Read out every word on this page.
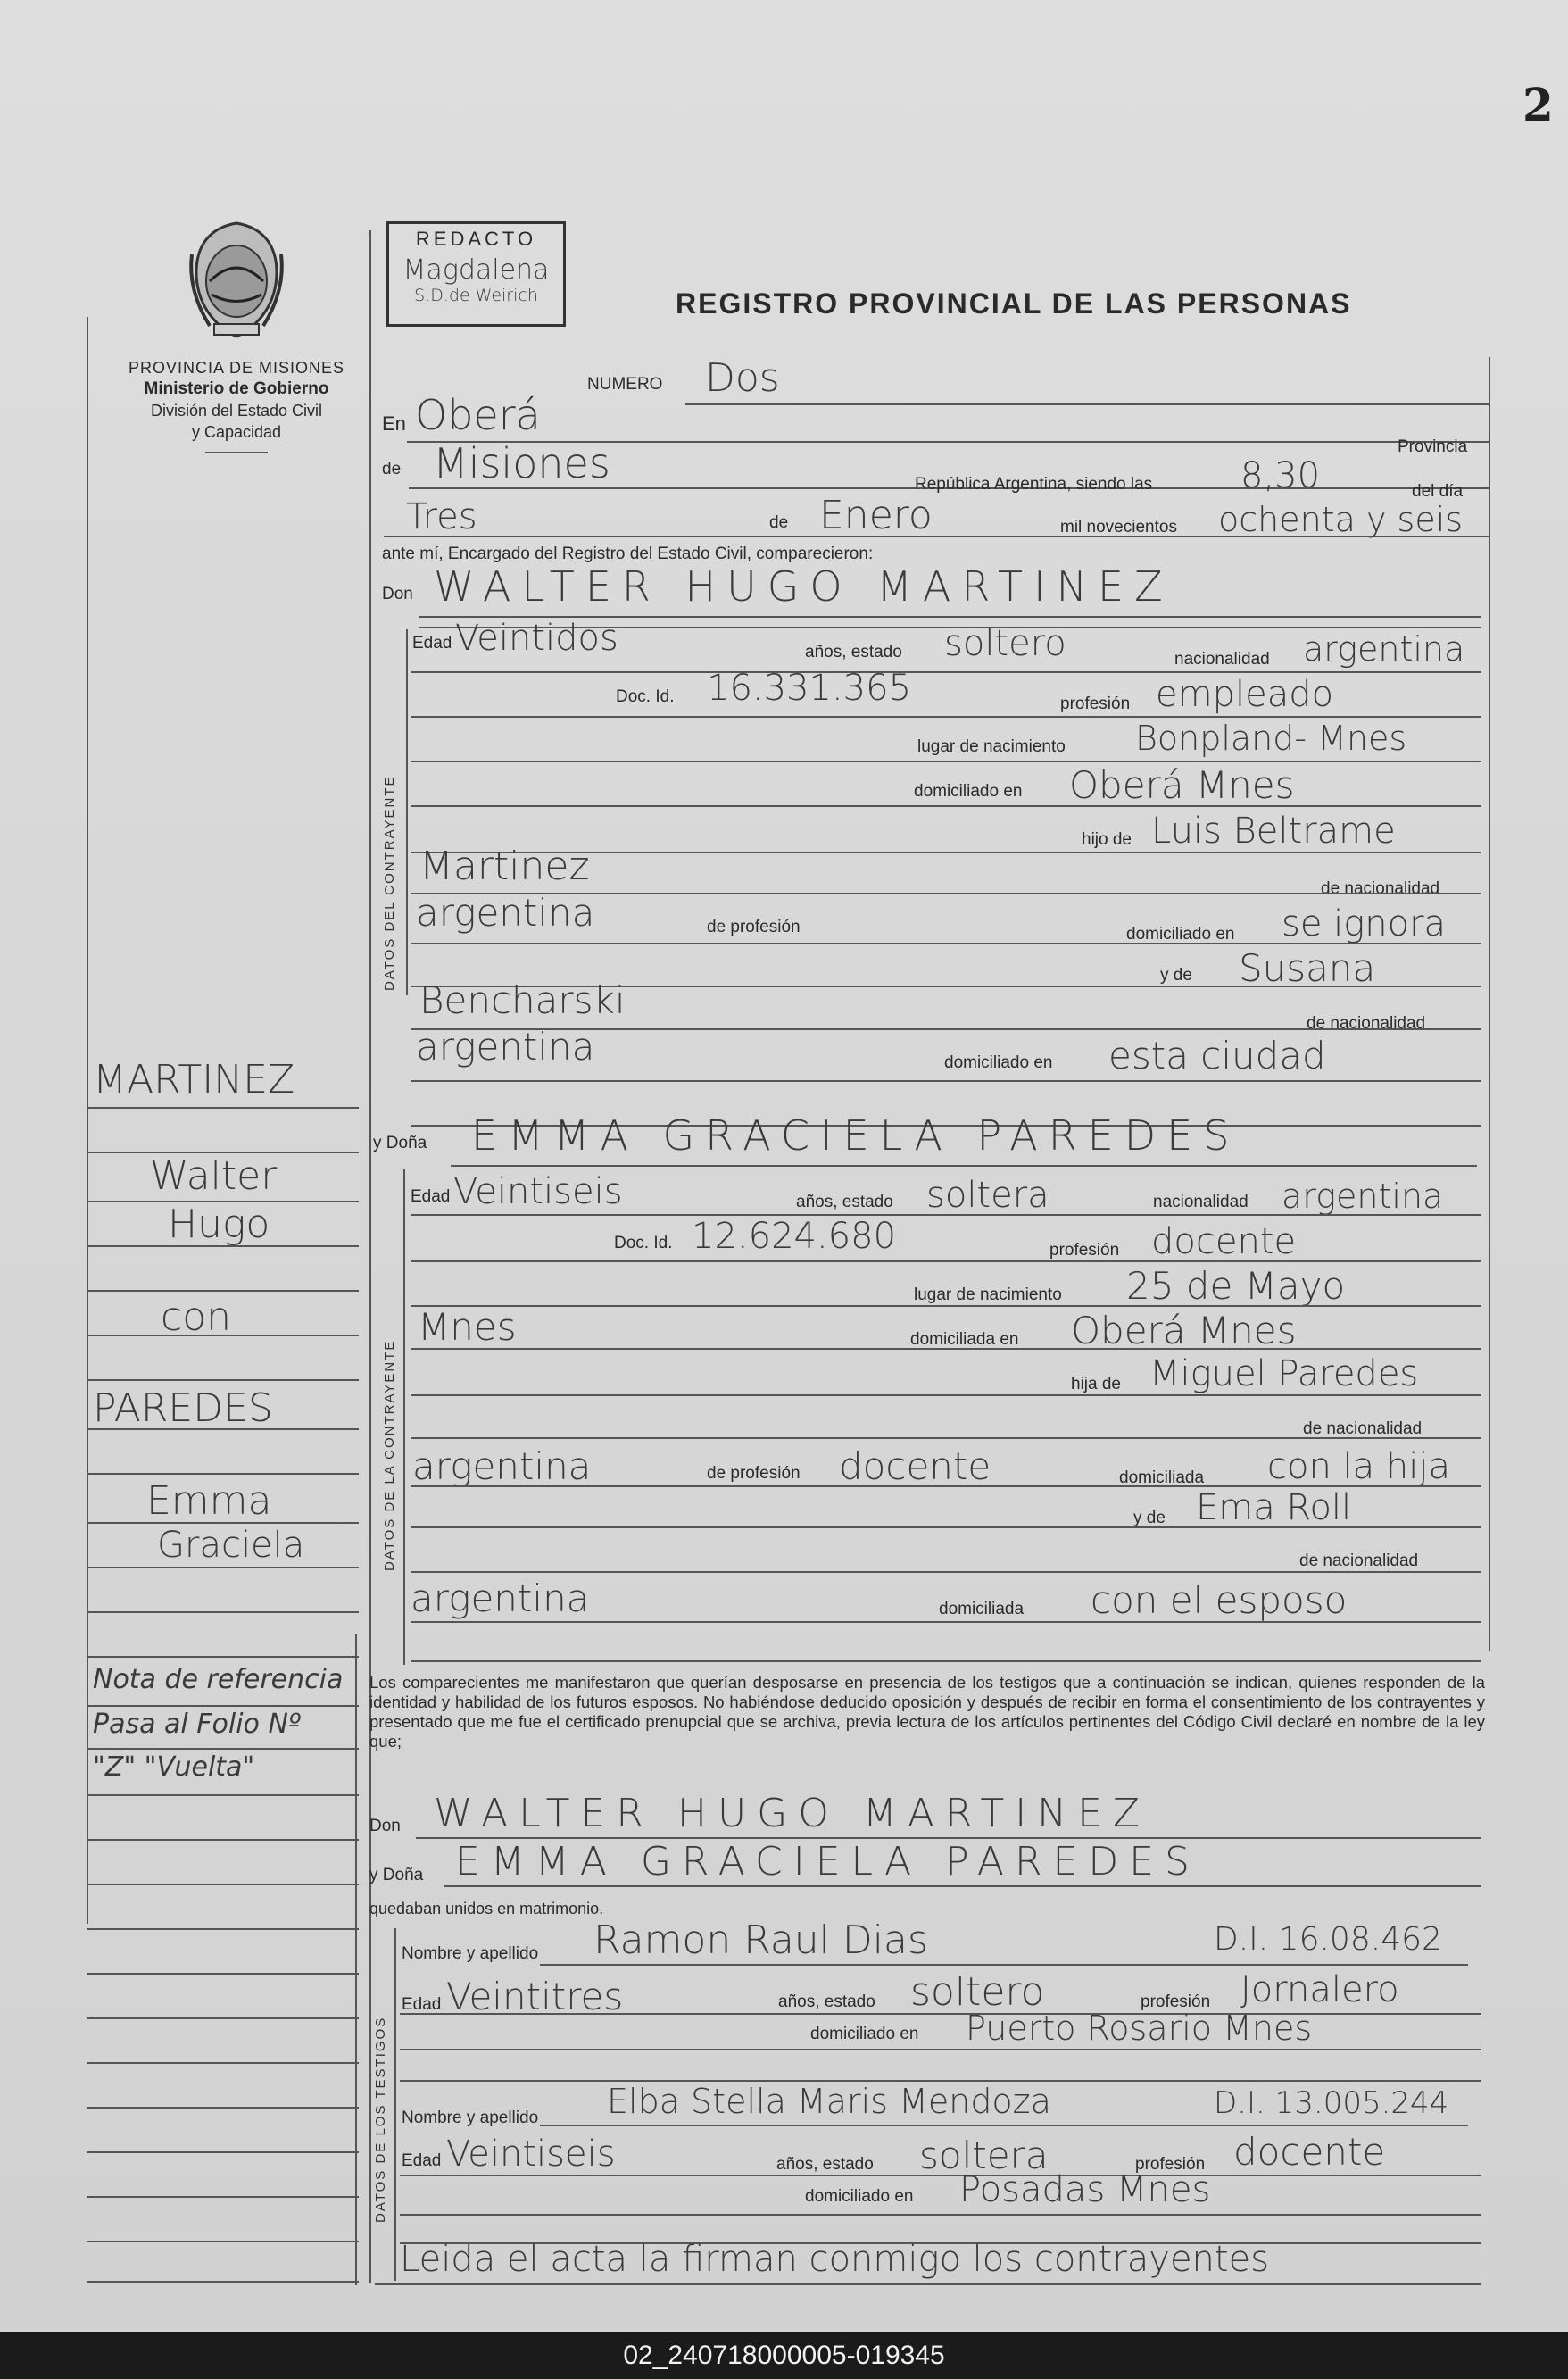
2
PROVINCIA DE MISIONES
Ministerio de Gobierno
División del Estado Civil
y Capacidad
REDACTO
Magdalena
S.D.de Weirich	REGISTRO PROVINCIAL DE LAS PERSONAS
NUMERO Dos
En Oberá
Provincia
de Misiones	República Argentina, siendo las 8,30	del día
Tres	de Enero	mil novecientos ochenta y seis
ante mí, Encargado del Registro del Estado Civil, comparecieron:
Don WALTER HUGO MARTINEZ
DATOS DEL CONTRAYENTE
Edad Veintidos	años, estado soltero	nacionalidad argentina
Doc. Id. 16.331.365	profesión empleado
lugar de nacimiento Bonpland- Mnes
domiciliado en Oberá Mnes
hijo de Luis Beltrame
Martinez	de nacionalidad
argentina	de profesión	domiciliado en se ignora
y de Susana
Bencharski
de nacionalidad
argentina	domiciliado en esta ciudad
y Doña EMMA GRACIELA PAREDES
DATOS DE LA CONTRAYENTE
Edad Veintiseis	años, estado soltera	nacionalidad argentina
Doc. Id. 12.624.680	profesión docente
lugar de nacimiento 25 de Mayo
Mnes	domiciliada en Oberá Mnes
hija de Miguel Paredes
de nacionalidad
argentina	de profesión docente	domiciliada con la hija
y de Ema Roll
de nacionalidad
argentina	domiciliada con el esposo
Los comparecientes me manifestaron que querían desposarse en presencia de los testigos que a continuación se indican, quienes responden de la identidad y habilidad de los futuros esposos. No habiéndose deducido oposición y después de recibir en forma el consentimiento de los contrayentes y presentado que me fue el certificado prenupcial que se archiva, previa lectura de los artículos pertinentes del Código Civil declaré en nombre de la ley que;
Don WALTER HUGO MARTINEZ
y Doña EMMA GRACIELA PAREDES
quedaban unidos en matrimonio.
DATOS DE LOS TESTIGOS
Nombre y apellido Ramon Raul Dias	D.I. 16.08.462
Edad Veintitres	años, estado soltero	profesión Jornalero
domiciliado en Puerto Rosario Mnes
Nombre y apellido Elba Stella Maris Mendoza	D.I. 13.005.244
Edad Veintiseis	años, estado soltera	profesión docente
domiciliado en Posadas Mnes
Leida el acta la firman conmigo los contrayentes
MARTINEZ
Walter
Hugo
con
PAREDES
Emma
Graciela
Nota de referencia
Pasa al Folio Nº
"Z" "Vuelta"
02_240718000005-019345
